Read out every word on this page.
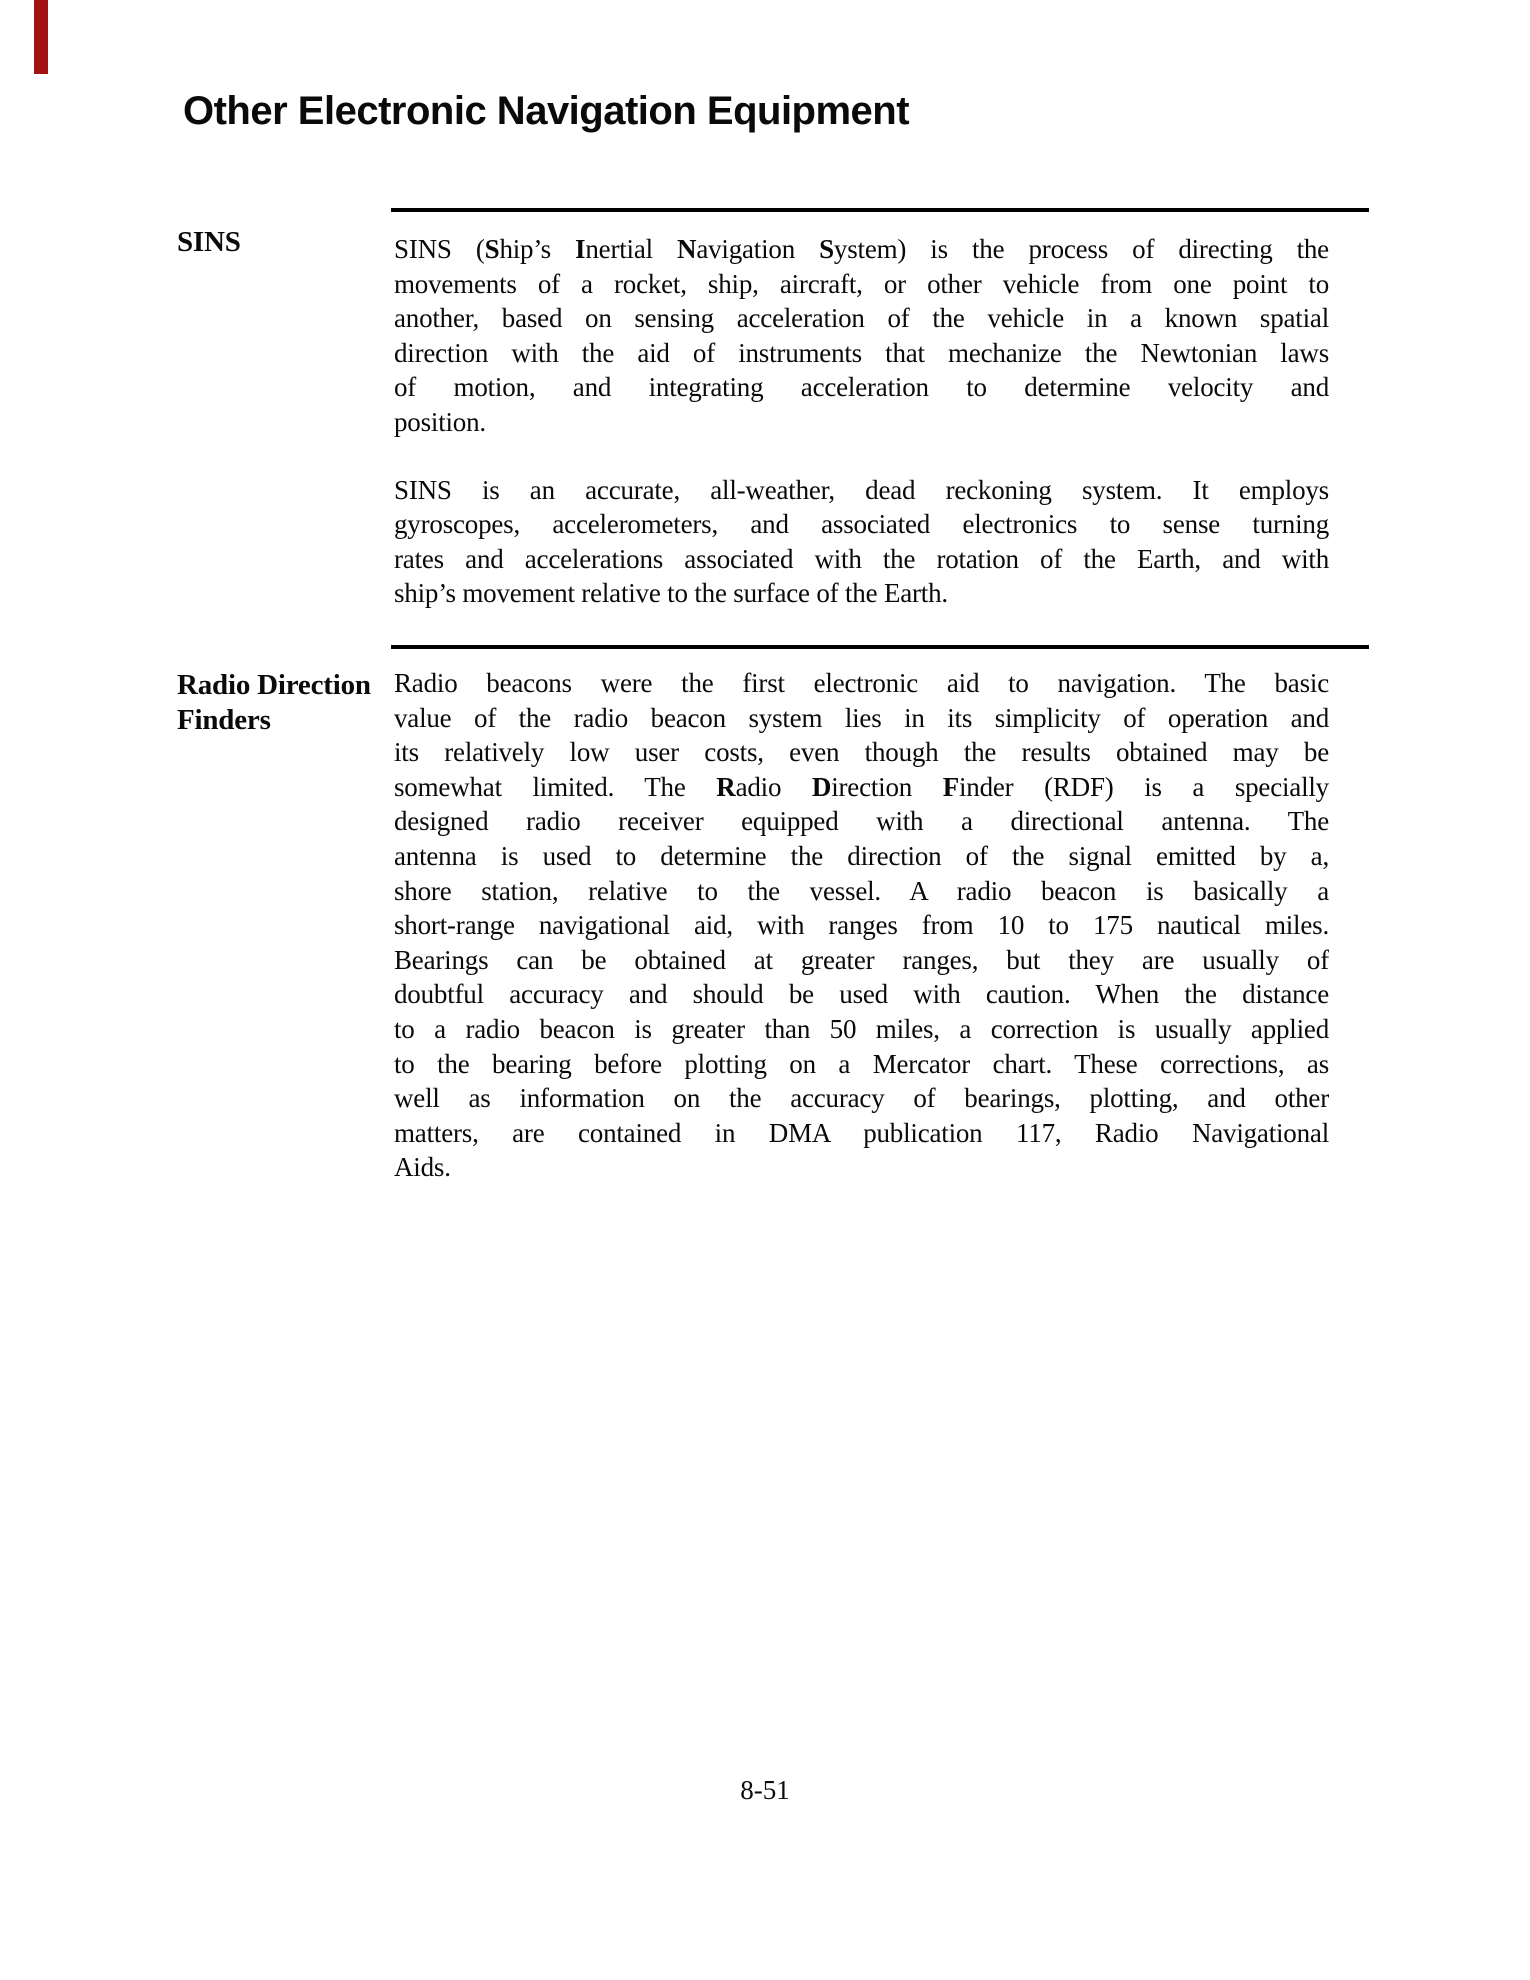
Other Electronic Navigation Equipment
SINS	SINS (Ship’s Inertial Navigation System) is the process of directing the
movements of a rocket, ship, aircraft, or other vehicle from one point to
another, based on sensing acceleration of the vehicle in a known spatial
direction with the aid of instruments that mechanize the Newtonian laws
of motion, and integrating acceleration to determine velocity and
position.
SINS is an accurate, all-weather, dead reckoning system. It employs
gyroscopes, accelerometers, and associated electronics to sense turning
rates and accelerations associated with the rotation of the Earth, and with
ship’s movement relative to the surface of the Earth.
Radio Direction
Finders
Radio beacons were the first electronic aid to navigation. The basic
value of the radio beacon system lies in its simplicity of operation and
its relatively low user costs, even though the results obtained may be
somewhat limited. The Radio Direction Finder (RDF) is a specially
designed radio receiver equipped with a directional antenna. The
antenna is used to determine the direction of the signal emitted by a,
shore station, relative to the vessel. A radio beacon is basically a
short-range navigational aid, with ranges from 10 to 175 nautical miles.
Bearings can be obtained at greater ranges, but they are usually of
doubtful accuracy and should be used with caution. When the distance
to a radio beacon is greater than 50 miles, a correction is usually applied
to the bearing before plotting on a Mercator chart. These corrections, as
well as information on the accuracy of bearings, plotting, and other
matters, are contained in DMA publication 117, Radio Navigational
Aids.
8-51
